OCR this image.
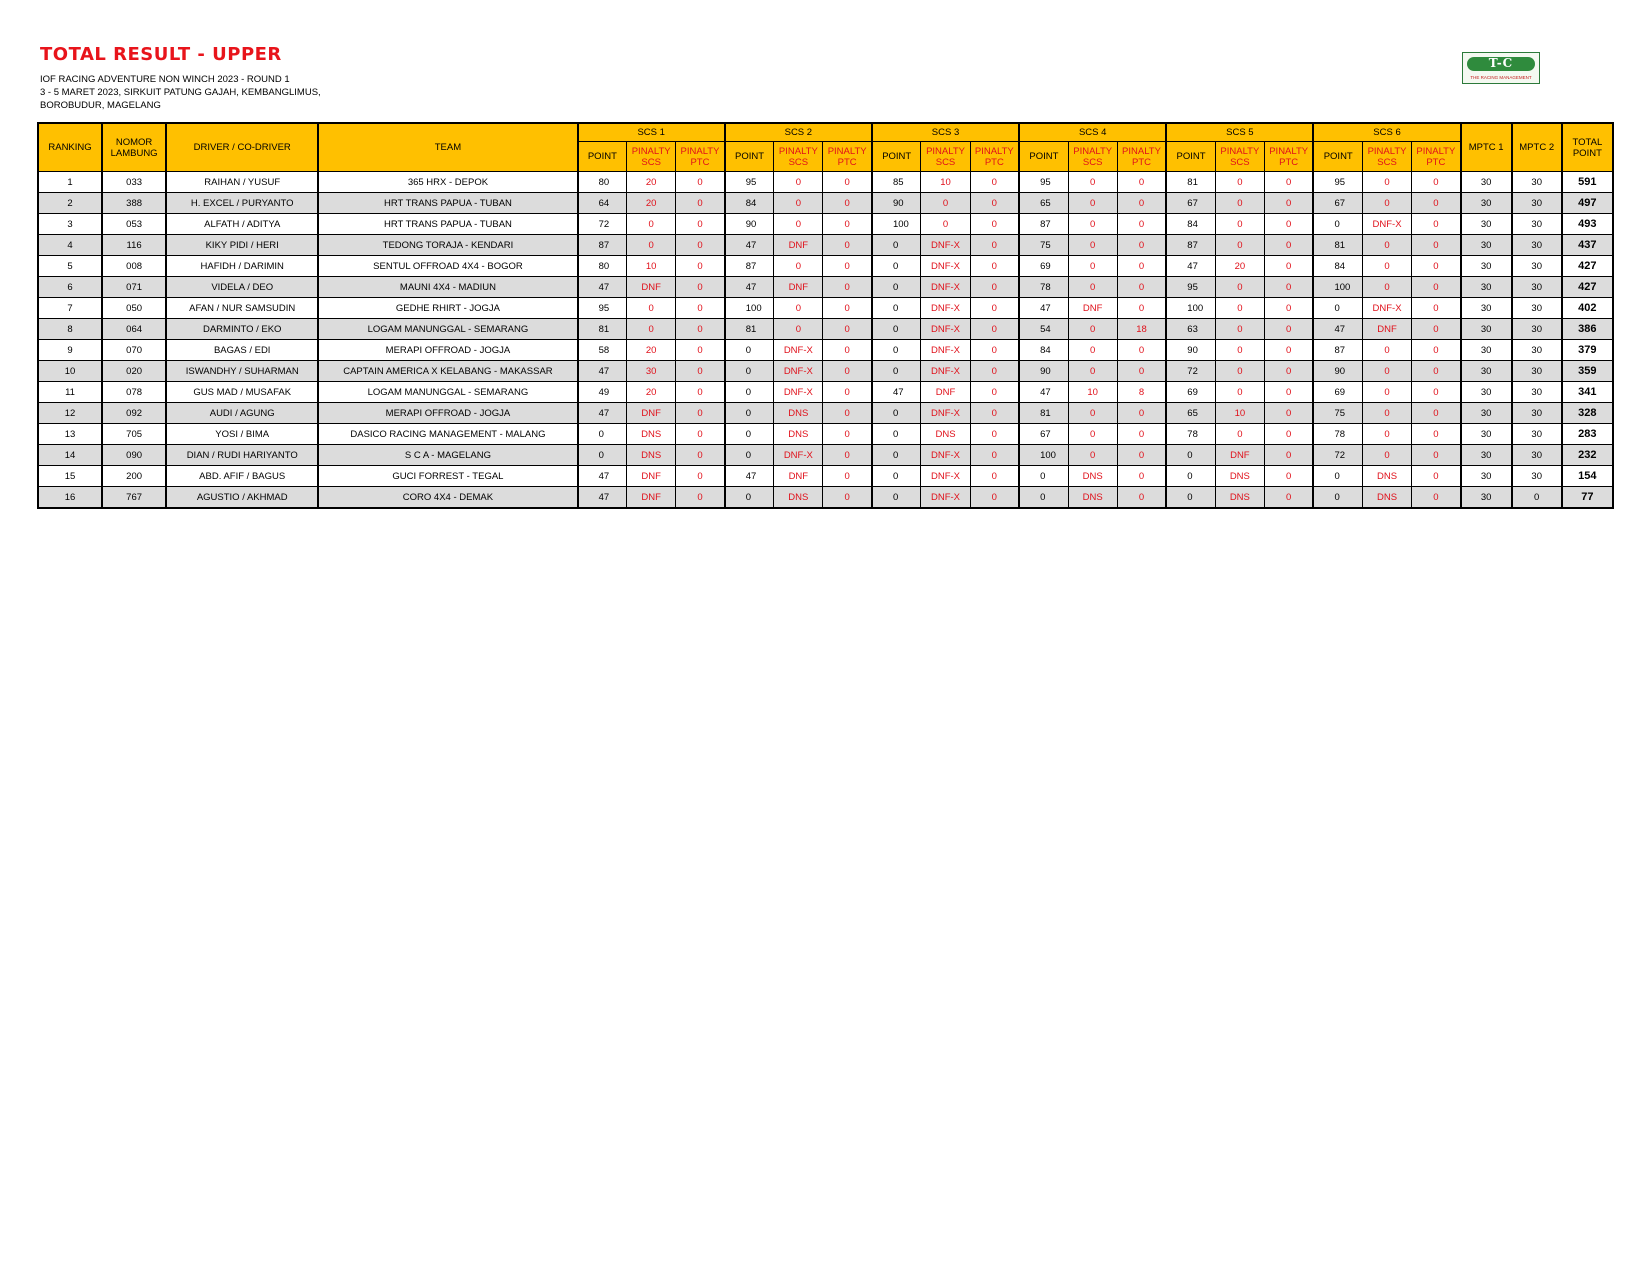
TOTAL RESULT - UPPER
IOF RACING ADVENTURE NON WINCH 2023 - ROUND 1
3 - 5 MARET 2023, SIRKUIT PATUNG GAJAH, KEMBANGLIMUS,
BOROBUDUR, MAGELANG
T-C
THE RACING MANAGEMENT
RANKING	NOMOR LAMBUNG	DRIVER / CO-DRIVER	TEAM	SCS 1			SCS 2			SCS 3			SCS 4			SCS 5			SCS 6			MPTC 1	MPTC 2	TOTAL POINT
				POINT	PINALTY SCS	PINALTY PTC	POINT	PINALTY SCS	PINALTY PTC	POINT	PINALTY SCS	PINALTY PTC	POINT	PINALTY SCS	PINALTY PTC	POINT	PINALTY SCS	PINALTY PTC	POINT	PINALTY SCS	PINALTY PTC			
1	033	RAIHAN / YUSUF	365 HRX - DEPOK	80	20	0	95	0	0	85	10	0	95	0	0	81	0	0	95	0	0	30	30	591
2	388	H. EXCEL / PURYANTO	HRT TRANS PAPUA - TUBAN	64	20	0	84	0	0	90	0	0	65	0	0	67	0	0	67	0	0	30	30	497
3	053	ALFATH / ADITYA	HRT TRANS PAPUA - TUBAN	72	0	0	90	0	0	100	0	0	87	0	0	84	0	0	0	DNF-X	0	30	30	493
4	116	KIKY PIDI / HERI	TEDONG TORAJA - KENDARI	87	0	0	47	DNF	0	0	DNF-X	0	75	0	0	87	0	0	81	0	0	30	30	437
5	008	HAFIDH / DARIMIN	SENTUL OFFROAD 4X4 - BOGOR	80	10	0	87	0	0	0	DNF-X	0	69	0	0	47	20	0	84	0	0	30	30	427
6	071	VIDELA / DEO	MAUNI 4X4 - MADIUN	47	DNF	0	47	DNF	0	0	DNF-X	0	78	0	0	95	0	0	100	0	0	30	30	427
7	050	AFAN / NUR SAMSUDIN	GEDHE RHIRT - JOGJA	95	0	0	100	0	0	0	DNF-X	0	47	DNF	0	100	0	0	0	DNF-X	0	30	30	402
8	064	DARMINTO / EKO	LOGAM MANUNGGAL - SEMARANG	81	0	0	81	0	0	0	DNF-X	0	54	0	18	63	0	0	47	DNF	0	30	30	386
9	070	BAGAS / EDI	MERAPI OFFROAD - JOGJA	58	20	0	0	DNF-X	0	0	DNF-X	0	84	0	0	90	0	0	87	0	0	30	30	379
10	020	ISWANDHY / SUHARMAN	CAPTAIN AMERICA X KELABANG - MAKASSAR	47	30	0	0	DNF-X	0	0	DNF-X	0	90	0	0	72	0	0	90	0	0	30	30	359
11	078	GUS MAD / MUSAFAK	LOGAM MANUNGGAL - SEMARANG	49	20	0	0	DNF-X	0	47	DNF	0	47	10	8	69	0	0	69	0	0	30	30	341
12	092	AUDI / AGUNG	MERAPI OFFROAD - JOGJA	47	DNF	0	0	DNS	0	0	DNF-X	0	81	0	0	65	10	0	75	0	0	30	30	328
13	705	YOSI / BIMA	DASICO RACING MANAGEMENT - MALANG	0	DNS	0	0	DNS	0	0	DNS	0	67	0	0	78	0	0	78	0	0	30	30	283
14	090	DIAN / RUDI HARIYANTO	S C A - MAGELANG	0	DNS	0	0	DNF-X	0	0	DNF-X	0	100	0	0	0	DNF	0	72	0	0	30	30	232
15	200	ABD. AFIF / BAGUS	GUCI FORREST - TEGAL	47	DNF	0	47	DNF	0	0	DNF-X	0	0	DNS	0	0	DNS	0	0	DNS	0	30	30	154
16	767	AGUSTIO / AKHMAD	CORO 4X4 - DEMAK	47	DNF	0	0	DNS	0	0	DNF-X	0	0	DNS	0	0	DNS	0	0	DNS	0	30	0	77
